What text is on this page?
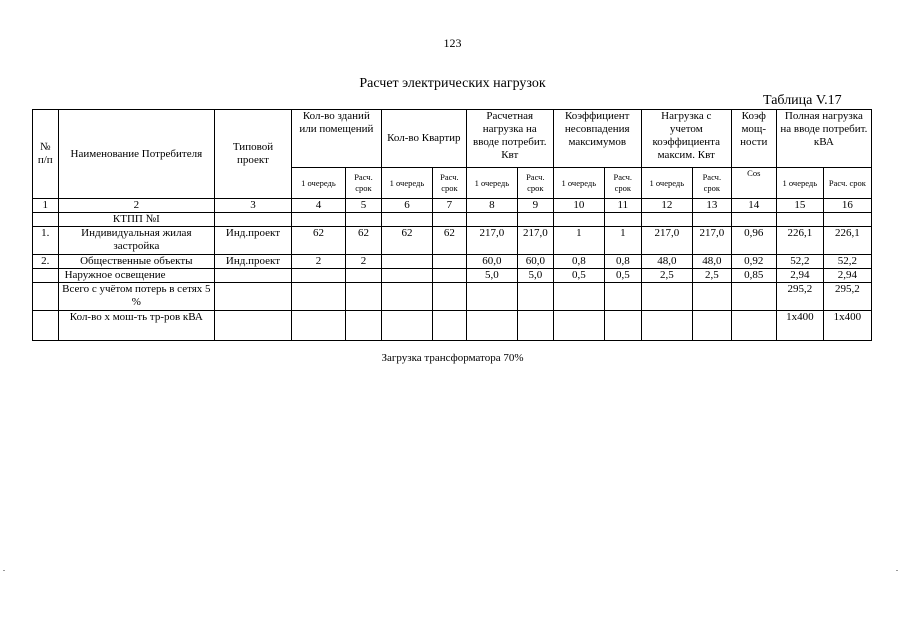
123
Расчет электрических нагрузок
Таблица V.17
№ п/п	Наименование Потребителя	Типовой проект	Кол-во зданий или помещений		Кол-во Квартир		Расчетная нагрузка на вводе потребит. Квт		Коэффициент несовпадения максимумов		Нагрузка с учетом коэффициента максим. Квт		Коэф мощ- ности	Полная нагрузка на вводе потребит. кВА	
			1 очередь	Расч. срок	1 очередь	Расч. срок	1 очередь	Расч. срок	1 очередь	Расч. срок	1 очередь	Расч. срок	Cos	1 очередь	Расч. срок
1	2	3	4	5	6	7	8	9	10	11	12	13	14	15	16
	КТПП №I														
1.	Индивидуальная жилая застройка	Инд.проект	62	62	62	62	217,0	217,0	1	1	217,0	217,0	0,96	226,1	226,1
2.	Общественные объекты	Инд.проект	2	2			60,0	60,0	0,8	0,8	48,0	48,0	0,92	52,2	52,2
	Наружное освещение						5,0	5,0	0,5	0,5	2,5	2,5	0,85	2,94	2,94
	Всего с учётом потерь в сетях 5 %													295,2	295,2
	Кол-во х мош-ть тр-ров кВА													1х400	1х400
Загрузка трансформатора 70%
